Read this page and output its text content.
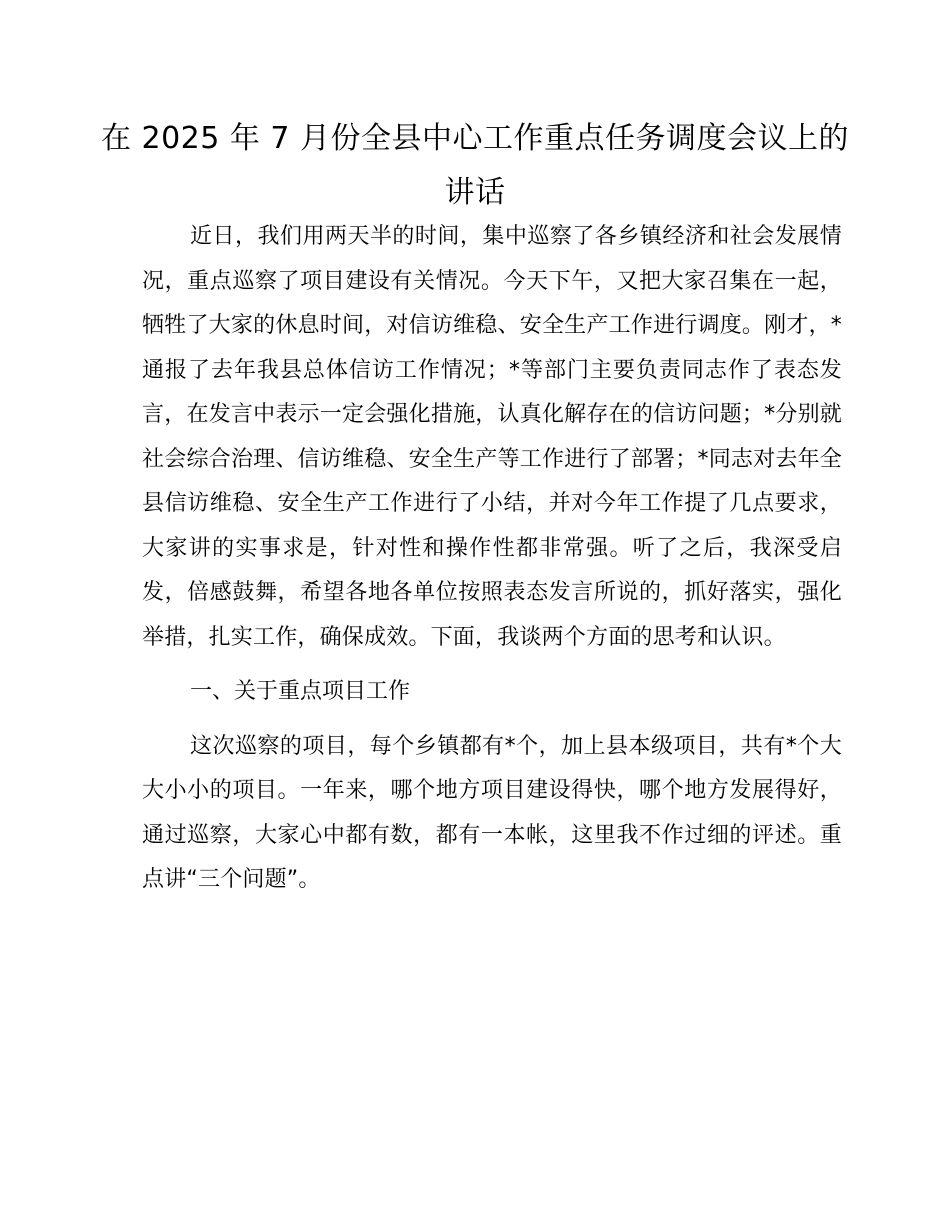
在 2025 年 7 月份全县中心工作重点任务调度会议上的讲话

近日，我们用两天半的时间，集中巡察了各乡镇经济和社会发展情况，重点巡察了项目建设有关情况。今天下午，又把大家召集在一起，牺牲了大家的休息时间，对信访维稳、安全生产工作进行调度。刚才，*通报了去年我县总体信访工作情况；*等部门主要负责同志作了表态发言，在发言中表示一定会强化措施，认真化解存在的信访问题；*分别就社会综合治理、信访维稳、安全生产等工作进行了部署；*同志对去年全县信访维稳、安全生产工作进行了小结，并对今年工作提了几点要求，大家讲的实事求是，针对性和操作性都非常强。听了之后，我深受启发，倍感鼓舞，希望各地各单位按照表态发言所说的，抓好落实，强化举措，扎实工作，确保成效。下面，我谈两个方面的思考和认识。

一、关于重点项目工作

这次巡察的项目，每个乡镇都有*个，加上县本级项目，共有*个大大小小的项目。一年来，哪个地方项目建设得快，哪个地方发展得好，通过巡察，大家心中都有数，都有一本帐，这里我不作过细的评述。重点讲“三个问题”。
